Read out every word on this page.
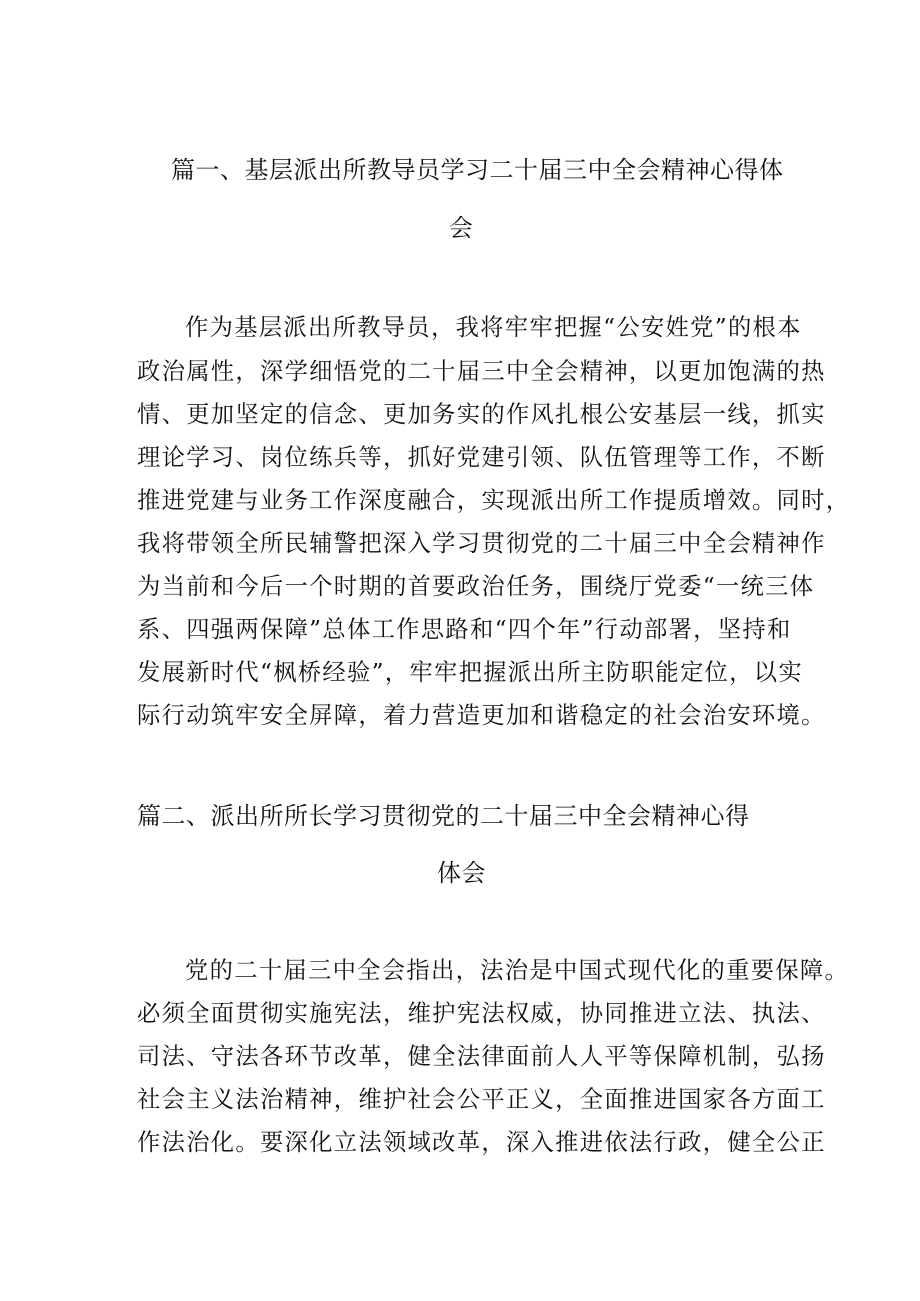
篇一、基层派出所教导员学习二十届三中全会精神心得体
会
作为基层派出所教导员，我将牢牢把握“公安姓党”的根本
政治属性，深学细悟党的二十届三中全会精神，以更加饱满的热
情、更加坚定的信念、更加务实的作风扎根公安基层一线，抓实
理论学习、岗位练兵等，抓好党建引领、队伍管理等工作，不断
推进党建与业务工作深度融合，实现派出所工作提质增效。同时，
我将带领全所民辅警把深入学习贯彻党的二十届三中全会精神作
为当前和今后一个时期的首要政治任务，围绕厅党委“一统三体
系、四强两保障”总体工作思路和“四个年”行动部署，坚持和
发展新时代“枫桥经验”，牢牢把握派出所主防职能定位，以实
际行动筑牢安全屏障，着力营造更加和谐稳定的社会治安环境。
篇二、派出所所长学习贯彻党的二十届三中全会精神心得
体会
党的二十届三中全会指出，法治是中国式现代化的重要保障。
必须全面贯彻实施宪法，维护宪法权威，协同推进立法、执法、
司法、守法各环节改革，健全法律面前人人平等保障机制，弘扬
社会主义法治精神，维护社会公平正义，全面推进国家各方面工
作法治化。要深化立法领域改革，深入推进依法行政，健全公正
